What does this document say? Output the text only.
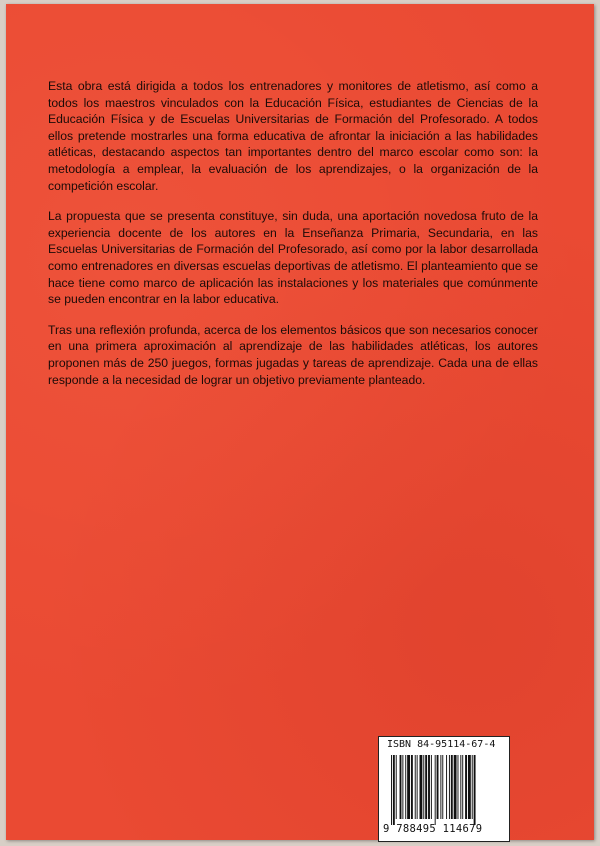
Esta obra está dirigida a todos los entrenadores y monitores de atletismo, así como a todos los maestros vinculados con la Educación Física, estudiantes de Ciencias de la Educación Física y de Escuelas Universitarias de Formación del Profesorado. A todos ellos pretende mostrarles una forma educativa de afrontar la iniciación a las habilidades atléticas, destacando aspectos tan importantes dentro del marco escolar como son: la metodología a emplear, la evaluación de los aprendizajes, o la organización de la competición escolar.

La propuesta que se presenta constituye, sin duda, una aportación novedosa fruto de la experiencia docente de los autores en la Enseñanza Primaria, Secundaria, en las Escuelas Universitarias de Formación del Profesorado, así como por la labor desarrollada como entrenadores en diversas escuelas deportivas de atletismo. El planteamiento que se hace tiene como marco de aplicación las instalaciones y los materiales que comúnmente se pueden encontrar en la labor educativa.

Tras una reflexión profunda, acerca de los elementos básicos que son necesarios conocer en una primera aproximación al aprendizaje de las habilidades atléticas, los autores proponen más de 250 juegos, formas jugadas y tareas de aprendizaje. Cada una de ellas responde a la necesidad de lograr un objetivo previamente planteado.

ISBN 84-95114-67-4
9 788495 114679
